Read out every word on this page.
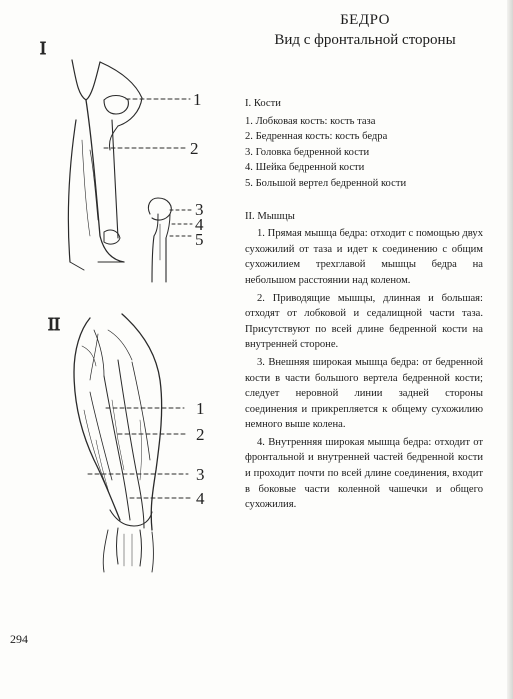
I
1
2
3
4
5
II
1
2
3
4
БЕДРО
Вид с фронтальной стороны
I. Кости
1. Лобковая кость: кость таза
2. Бедренная кость: кость бедра
3. Головка бедренной кости
4. Шейка бедренной кости
5. Большой вертел бедренной кости
II. Мышцы

1. Прямая мышца бедра: отходит с помощью двух сухожилий от таза и идет к соединению с общим сухожилием трехглавой мышцы бедра на небольшом расстоянии над коленом.

2. Приводящие мышцы, длинная и большая: отходят от лобковой и седалищной части таза. Присутствуют по всей длине бедренной кости на внутренней стороне.

3. Внешняя широкая мышца бедра: от бедренной кости в части большого вертела бедренной кости; следует неровной линии задней стороны соединения и прикрепляется к общему сухожилию немного выше колена.

4. Внутренняя широкая мышца бедра: отходит от фронтальной и внутренней частей бедренной кости и проходит почти по всей длине соединения, входит в боковые части коленной чашечки и общего сухожилия.

294
